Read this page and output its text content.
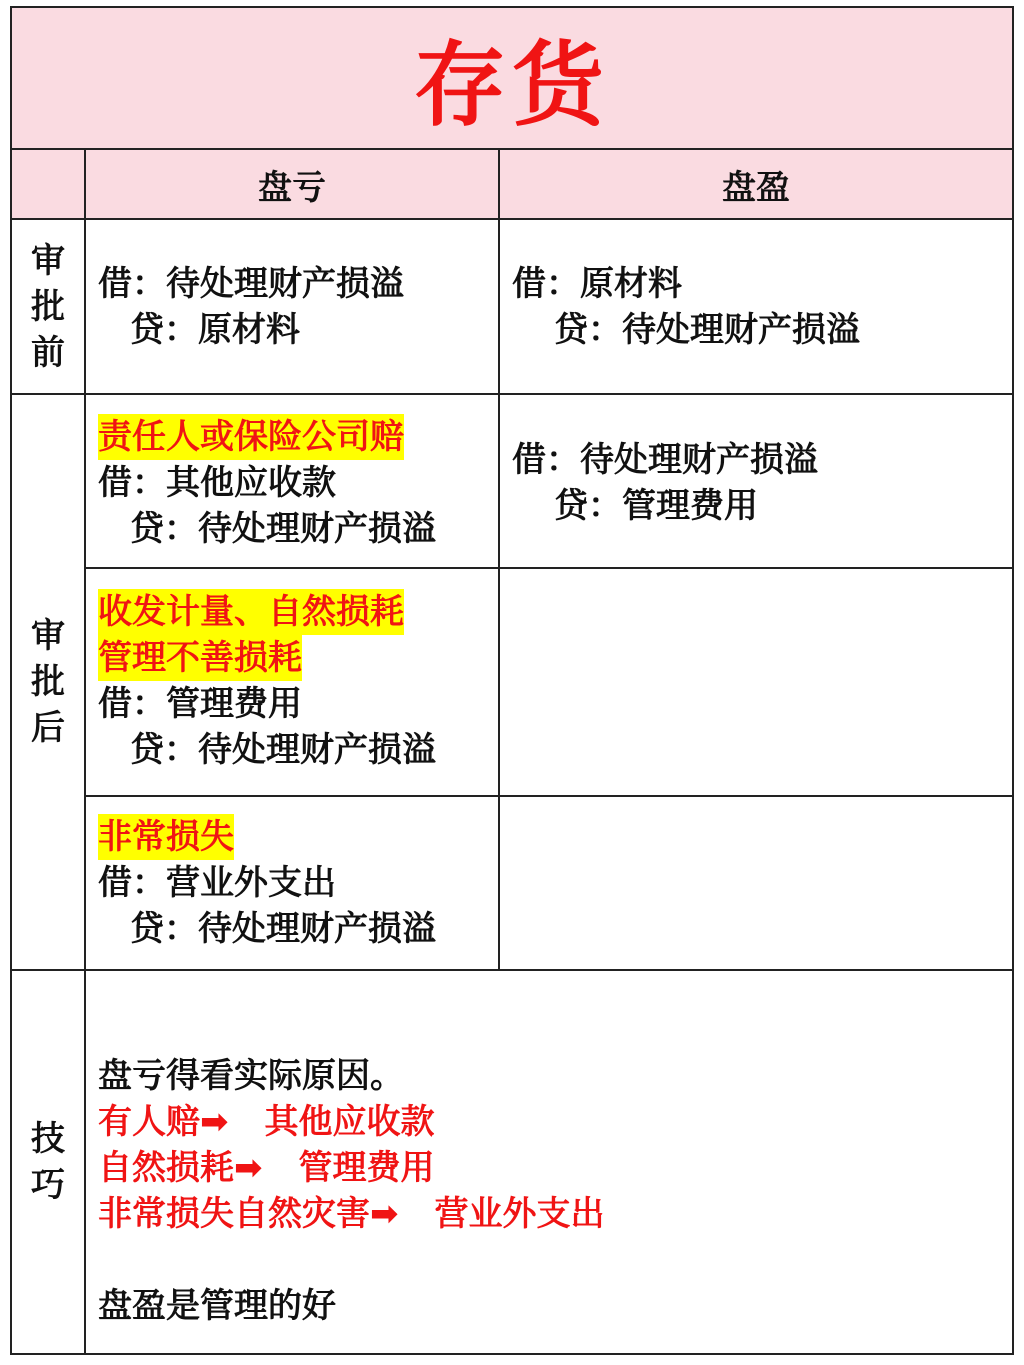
存货
盘亏	盘盈
审
批
前
借：待处理财产损溢
贷：原材料
借：原材料
贷：待处理财产损溢
审
批
后
责任人或保险公司赔
借：其他应收款
贷：待处理财产损溢
收发计量、自然损耗
管理不善损耗
借：管理费用
贷：待处理财产损溢
非常损失
借：营业外支出
贷：待处理财产损溢
借：待处理财产损溢
贷：管理费用
技
巧
盘亏得看实际原因。
有人赔➡ 其他应收款
自然损耗➡ 管理费用
非常损失自然灾害➡ 营业外支出
盘盈是管理的好
